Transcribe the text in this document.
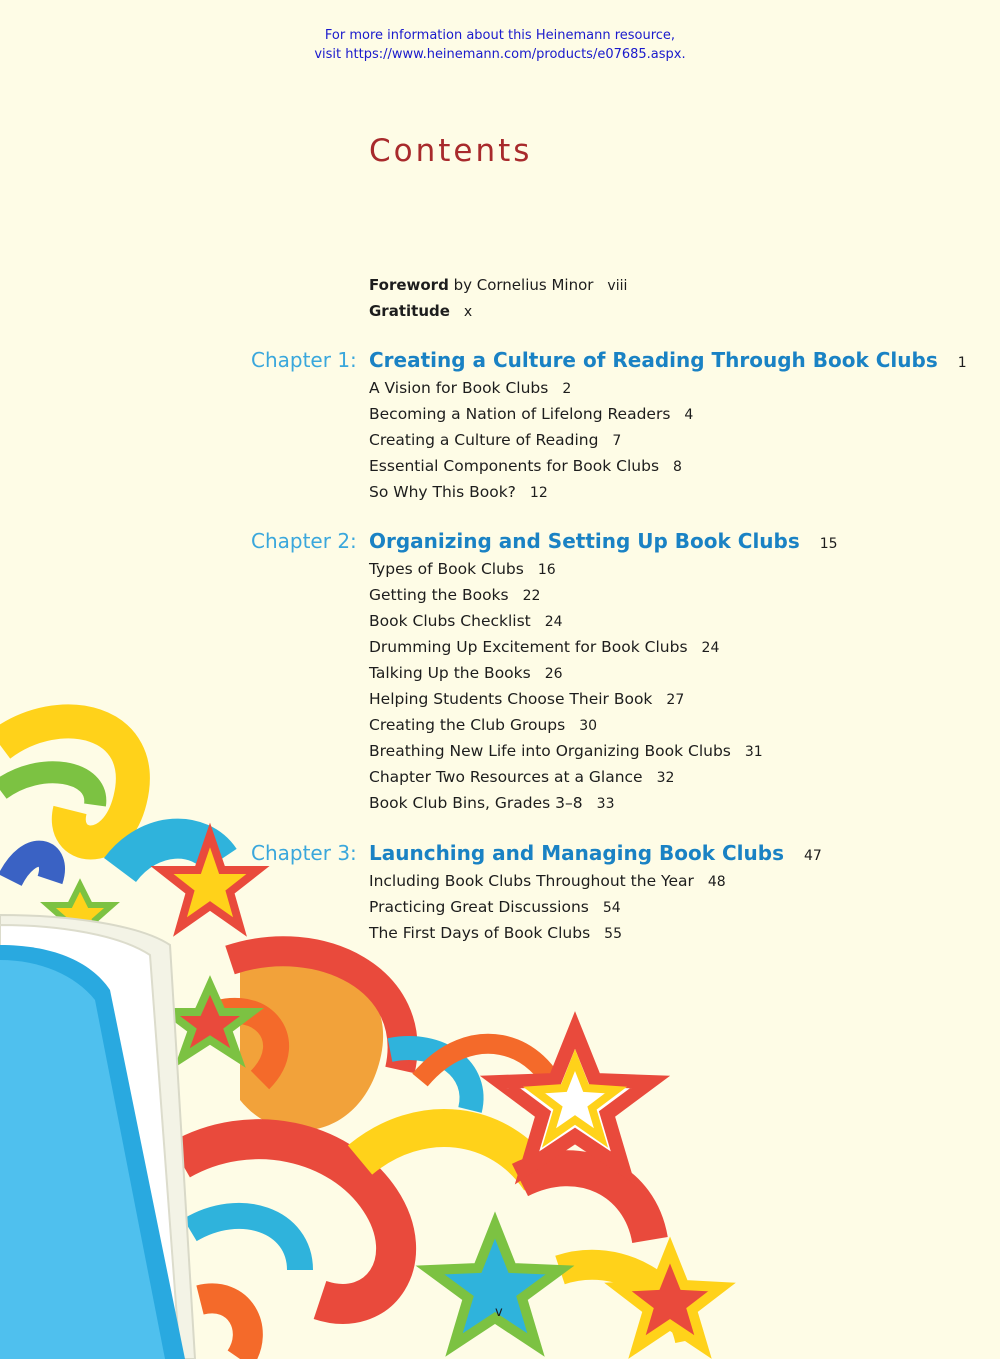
For more information about this Heinemann resource,
visit https://www.heinemann.com/products/e07685.aspx.
Contents
Foreword by Cornelius Minor viii
Gratitude x
Chapter 1: Creating a Culture of Reading Through Book Clubs 1
A Vision for Book Clubs 2
Becoming a Nation of Lifelong Readers 4
Creating a Culture of Reading 7
Essential Components for Book Clubs 8
So Why This Book? 12
Chapter 2: Organizing and Setting Up Book Clubs 15
Types of Book Clubs 16
Getting the Books 22
Book Clubs Checklist 24
Drumming Up Excitement for Book Clubs 24
Talking Up the Books 26
Helping Students Choose Their Book 27
Creating the Club Groups 30
Breathing New Life into Organizing Book Clubs 31
Chapter Two Resources at a Glance 32
Book Club Bins, Grades 3–8 33
Chapter 3: Launching and Managing Book Clubs 47
Including Book Clubs Throughout the Year 48
Practicing Great Discussions 54
The First Days of Book Clubs 55
v
